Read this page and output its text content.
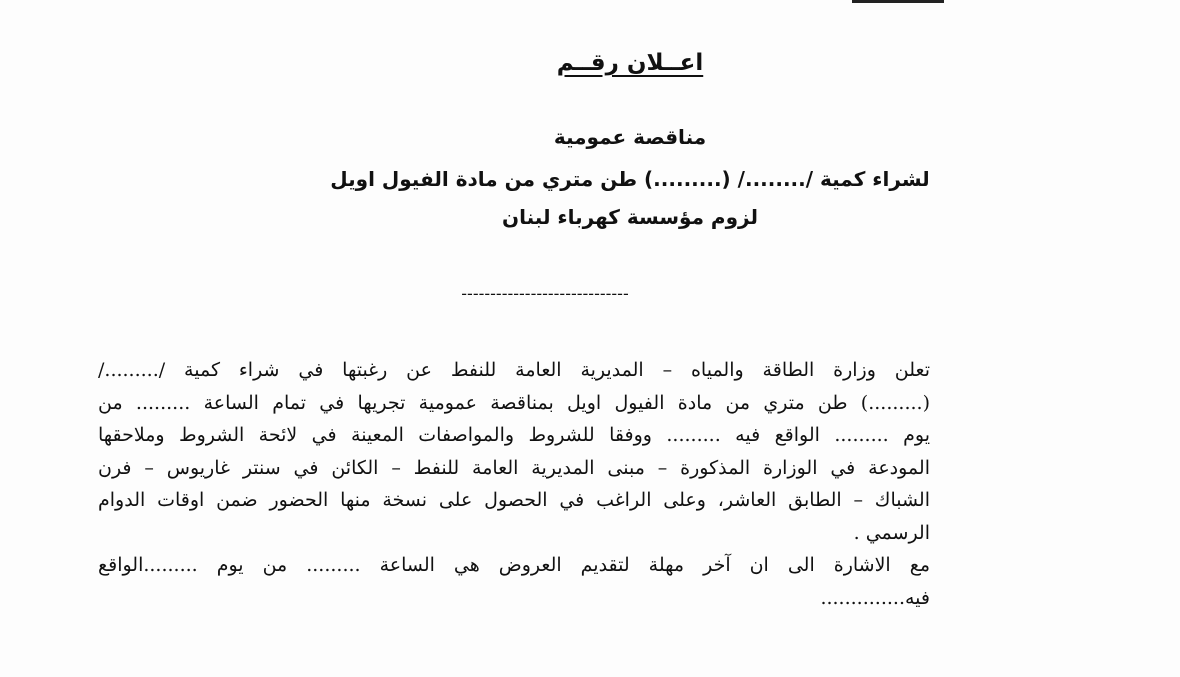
اعــلان رقــم
مناقصة عمومية
لشراء كمية /......../ (.........) طن متري من مادة الفيول اويل
لزوم مؤسسة كهرباء لبنان
-----------------------------
تعلن وزارة الطاقة والمياه – المديرية العامة للنفط عن رغبتها في شراء كمية /........./
(.........) طن متري من مادة الفيول اويل بمناقصة عمومية تجريها في تمام الساعة ......... من
يوم ......... الواقع فيه ......... ووفقا للشروط والمواصفات المعينة في لائحة الشروط وملاحقها
المودعة في الوزارة المذكورة – مبنى المديرية العامة للنفط – الكائن في سنتر غاريوس – فرن
الشباك – الطابق العاشر، وعلى الراغب في الحصول على نسخة منها الحضور ضمن اوقات الدوام
الرسمي .
مع الاشارة الى ان آخر مهلة لتقديم العروض هي الساعة ......... من يوم .........الواقع
فيه..............
